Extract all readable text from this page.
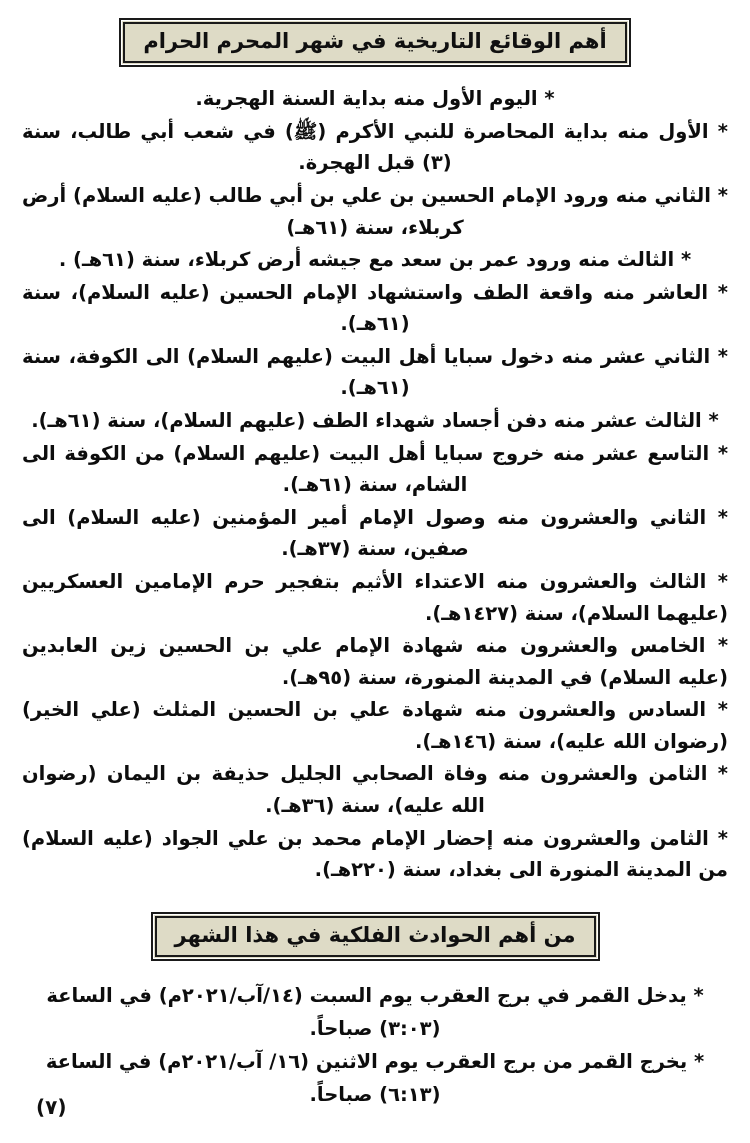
أهم الوقائع التاريخية في شهر المحرم الحرام
* اليوم الأول منه بداية السنة الهجرية.
* الأول منه بداية المحاصرة للنبي الأكرم (ﷺ) في شعب أبي طالب، سنة (٣) قبل الهجرة.
* الثاني منه ورود الإمام الحسين بن علي بن أبي طالب (عليه السلام) أرض كربلاء، سنة (٦١هـ)
* الثالث منه ورود عمر بن سعد مع جيشه أرض كربلاء، سنة (٦١هـ) .
* العاشر منه واقعة الطف واستشهاد الإمام الحسين (عليه السلام)، سنة (٦١هـ).
* الثاني عشر منه دخول سبايا أهل البيت (عليهم السلام) الى الكوفة، سنة (٦١هـ).
* الثالث عشر منه دفن أجساد شهداء الطف (عليهم السلام)، سنة (٦١هـ).
* التاسع عشر منه خروج سبايا أهل البيت (عليهم السلام) من الكوفة الى الشام، سنة (٦١هـ).
* الثاني والعشرون منه وصول الإمام أمير المؤمنين (عليه السلام) الى صفين، سنة (٣٧هـ).
* الثالث والعشرون منه الاعتداء الأثيم بتفجير حرم الإمامين العسكريين (عليهما السلام)، سنة (١٤٢٧هـ).
* الخامس والعشرون منه شهادة الإمام علي بن الحسين زين العابدين (عليه السلام) في المدينة المنورة، سنة (٩٥هـ).
* السادس والعشرون منه شهادة علي بن الحسين المثلث (علي الخير) (رضوان الله عليه)، سنة (١٤٦هـ).
* الثامن والعشرون منه وفاة الصحابي الجليل حذيفة بن اليمان (رضوان الله عليه)، سنة (٣٦هـ).
* الثامن والعشرون منه إحضار الإمام محمد بن علي الجواد (عليه السلام) من المدينة المنورة الى بغداد، سنة (٢٢٠هـ).
من أهم الحوادث الفلكية في هذا الشهر
* يدخل القمر في برج العقرب يوم السبت (١٤/آب/٢٠٢١م) في الساعة (٣:٠٣) صباحاً.
* يخرج القمر من برج العقرب يوم الاثنين (١٦/ آب/٢٠٢١م) في الساعة (٦:١٣) صباحاً.
(٧)
